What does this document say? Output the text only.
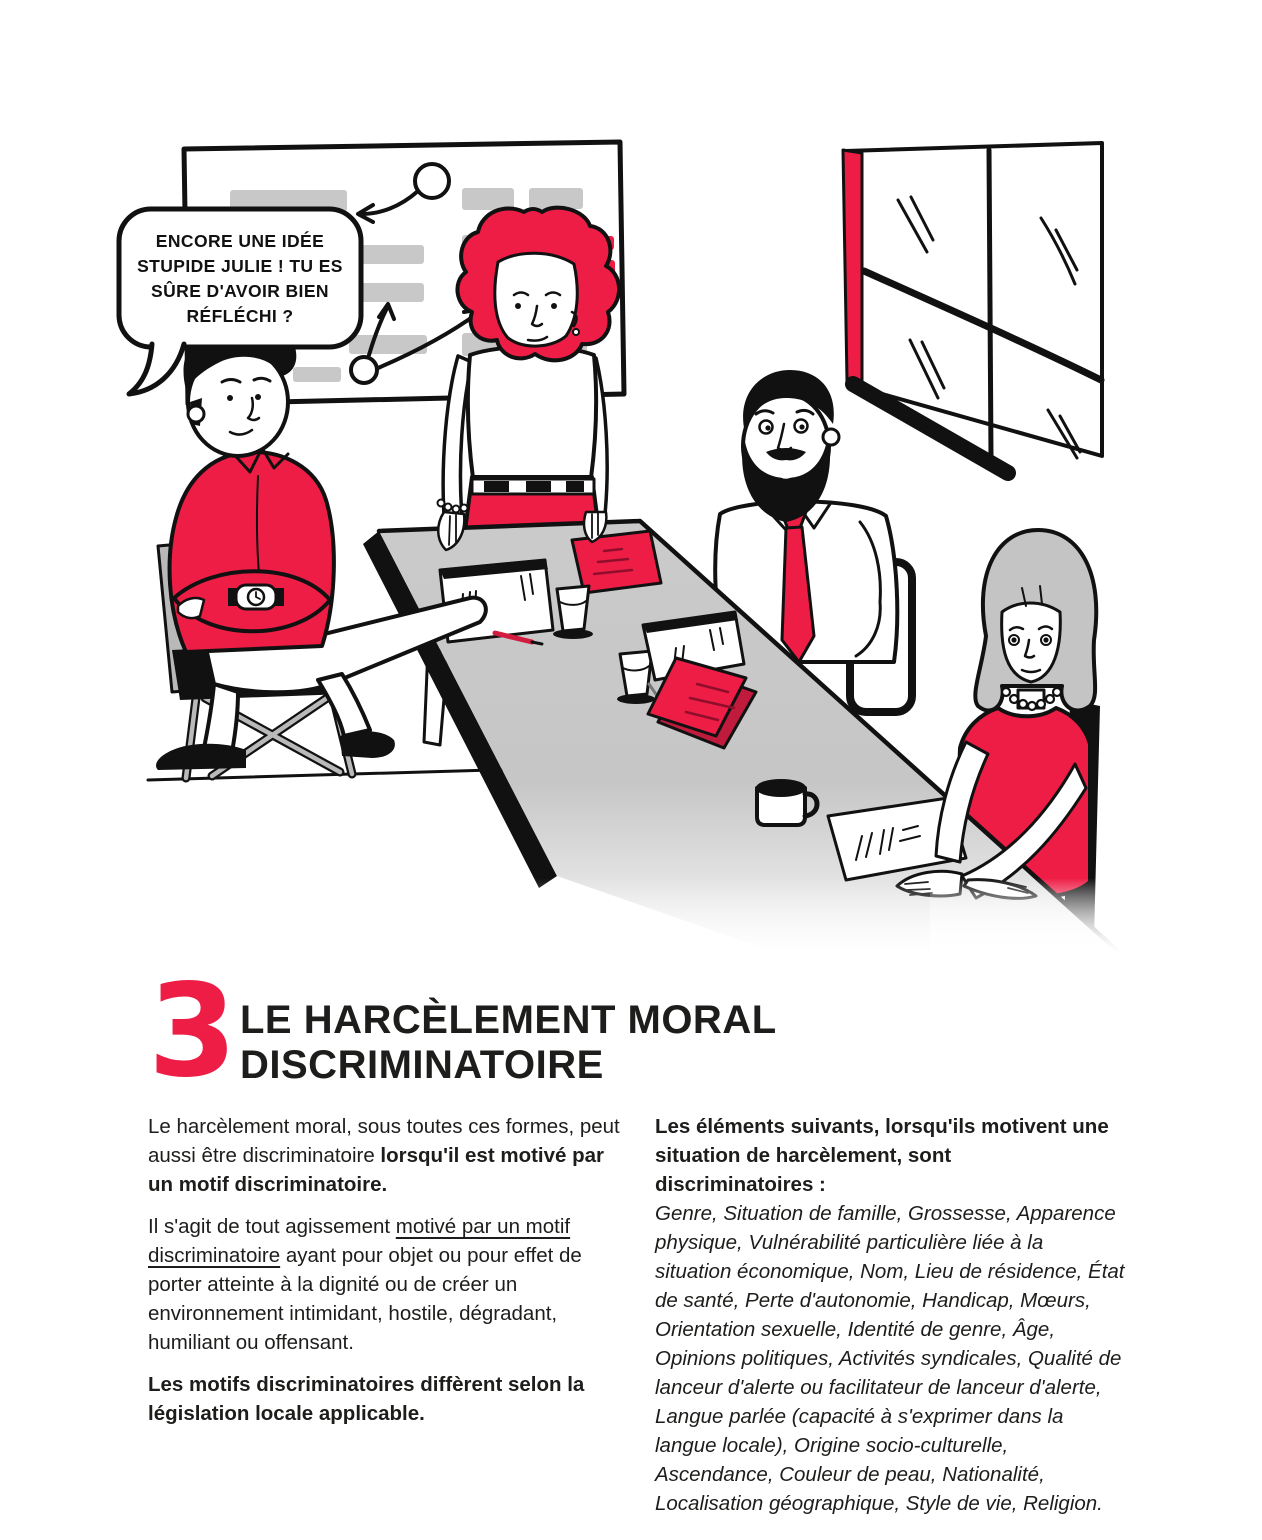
ENCORE UNE IDÉE
STUPIDE JULIE ! TU ES
SÛRE D'AVOIR BIEN
RÉFLÉCHI ?
3 LE HARCÈLEMENT MORAL
DISCRIMINATOIRE

Le harcèlement moral, sous toutes ces formes, peut aussi être discriminatoire lorsqu'il est motivé par un motif discriminatoire.

Il s'agit de tout agissement motivé par un motif discriminatoire ayant pour objet ou pour effet de porter atteinte à la dignité ou de créer un environnement intimidant, hostile, dégradant, humiliant ou offensant.

Les motifs discriminatoires diffèrent selon la législation locale applicable.

Les éléments suivants, lorsqu'ils motivent une situation de harcèlement, sont discriminatoires :

Genre, Situation de famille, Grossesse, Apparence physique, Vulnérabilité particulière liée à la situation économique, Nom, Lieu de résidence, État de santé, Perte d'autonomie, Handicap, Mœurs, Orientation sexuelle, Identité de genre, Âge, Opinions politiques, Activités syndicales, Qualité de lanceur d'alerte ou facilitateur de lanceur d'alerte, Langue parlée (capacité à s'exprimer dans la langue locale), Origine socio-culturelle, Ascendance, Couleur de peau, Nationalité, Localisation géographique, Style de vie, Religion.
